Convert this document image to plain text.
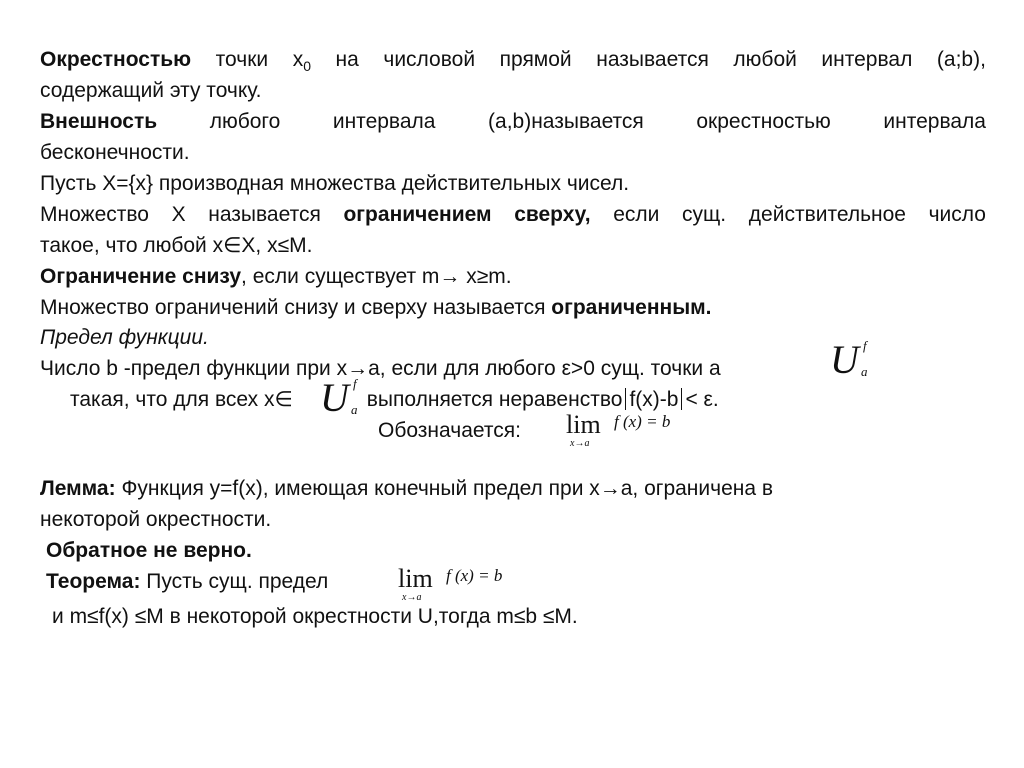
Окрестностью точки $x_0$ на числовой прямой называется любой интервал (a;b),
содержащий эту точку.
Внешность	любого	интервала	(a,b)называется	окрестностью	интервала
бесконечности.
Пусть X={x} производная множества действительных чисел.
Множество X называется ограничением сверху, если сущ. действительное число
такое, что любой x∈X, x≤M.
Ограничение снизу, если существует m→ x≥m.
Множество ограничений снизу и сверху называется ограниченным.
Предел функции.
Число b -предел функции при x→a, если для любого ε>0 сущ. точки a	U f
a
такая, что для всех x∈	выполняется неравенство f(x)-b < ε.
U f
a
Обозначается: lim f (x) = b
x→a
Лемма: Функция y=f(x), имеющая конечный предел при x→a, ограничена в
некоторой окрестности.
Обратное не верно.
Теорема: Пусть сущ. предел	lim f (x) = b
x→a
и m≤f(x) ≤M в некоторой окрестности U,тогда m≤b ≤M.
